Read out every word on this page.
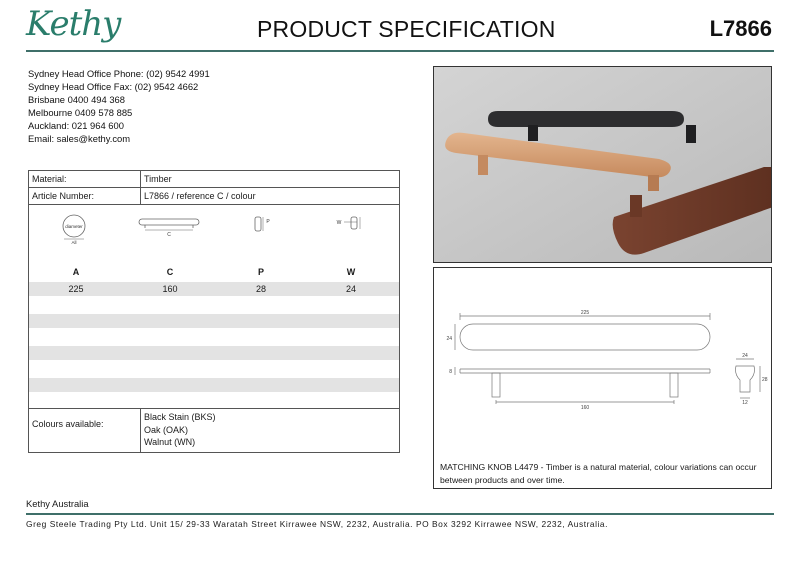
Kethy	PRODUCT SPECIFICATION	L7866
Sydney Head Office Phone: (02) 9542 4991
Sydney Head Office Fax: (02) 9542 4662
Brisbane 0400 494 368
Melbourne 0409 578 885
Auckland: 021 964 600
Email: sales@kethy.com
Material:	Timber
Article Number:	L7866 / reference C / colour
diameter
All
C
P	W
A	C	P	W
225	160	28	24
Colours available:
Black Stain (BKS)
Oak (OAK)
Walnut (WN)
225
24
8
160
24
28
12
MATCHING KNOB L4479 - Timber is a natural material, colour variations can occur between products and over time.
Kethy Australia
Greg Steele Trading Pty Ltd. Unit 15/ 29-33 Waratah Street Kirrawee NSW, 2232, Australia. PO Box 3292 Kirrawee NSW, 2232, Australia.
